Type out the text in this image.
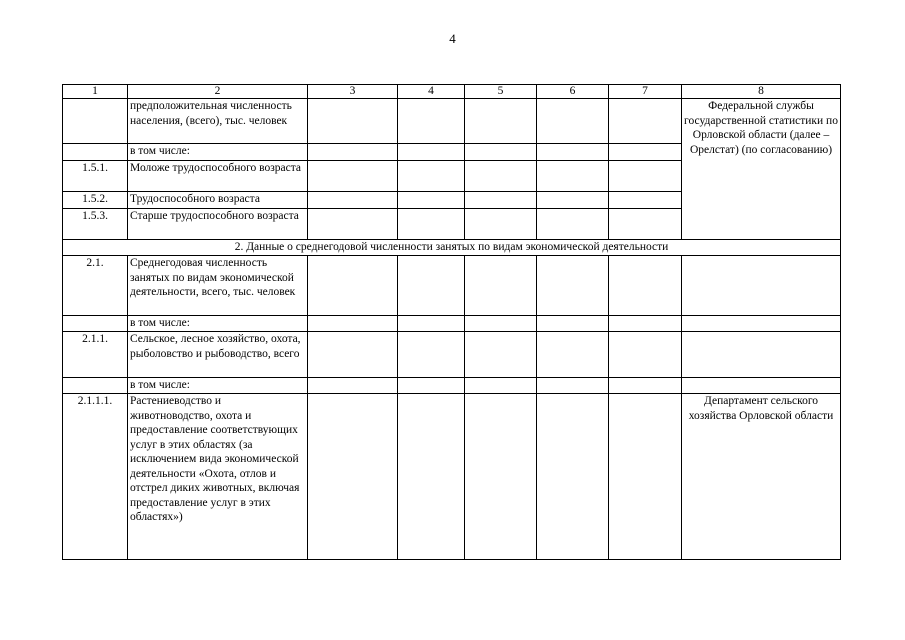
4
1	2	3	4	5	6	7	8
	предположительная численность населения, (всего), тыс. человек						Федеральной службы государственной статистики по Орловской области (далее – Орелстат) (по согласованию)
	в том числе:						
1.5.1.	Моложе трудоспособного возраста						
1.5.2.	Трудоспособного возраста						
1.5.3.	Старше трудоспособного возраста						
2. Данные о среднегодовой численности занятых по видам экономической деятельности							
2.1.	Среднегодовая численность занятых по видам экономической деятельности, всего, тыс. человек						
	в том числе:						
2.1.1.	Сельское, лесное хозяйство, охота, рыболовство и рыбоводство, всего						
	в том числе:						
2.1.1.1.	Растениеводство и животноводство, охота и предоставление соответствующих услуг в этих областях (за исключением вида экономической деятельности «Охота, отлов и отстрел диких животных, включая предоставление услуг в этих областях»)						Департамент сельского хозяйства Орловской области
